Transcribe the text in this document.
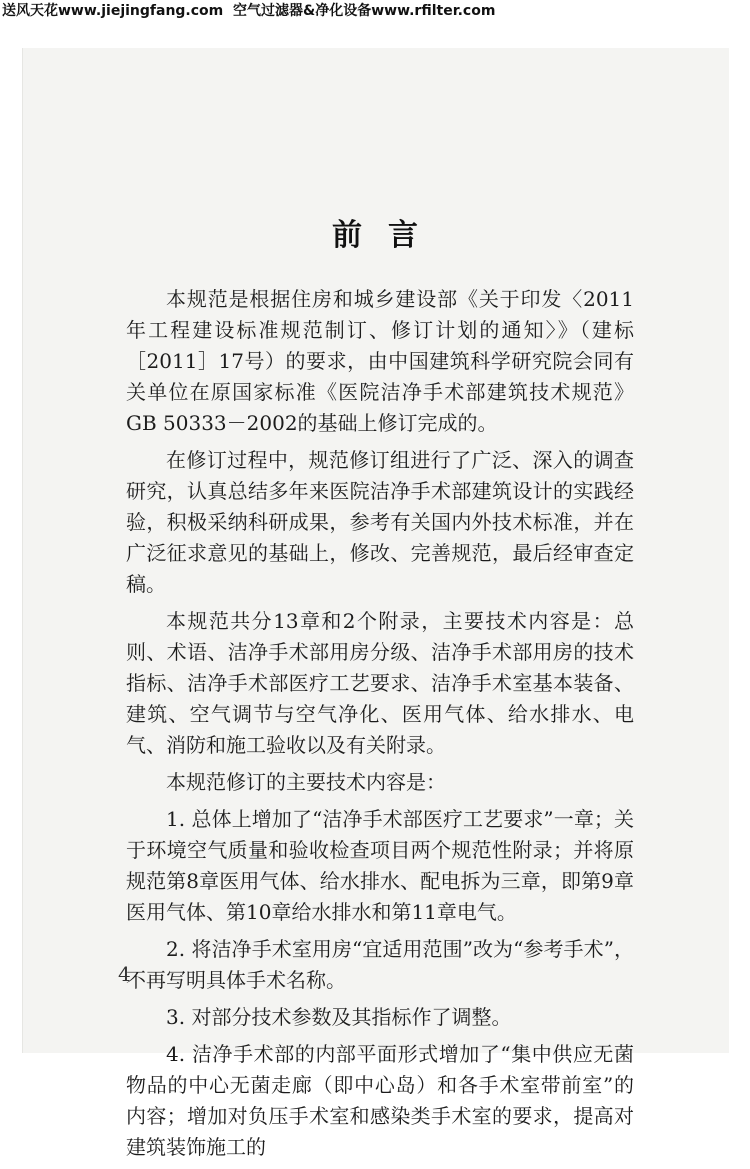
送风天花www.jiejingfang.com 空气过滤器&净化设备www.rfilter.com
前言

本规范是根据住房和城乡建设部《关于印发〈2011年工程建设标准规范制订、修订计划的通知〉》（建标［2011］17号）的要求，由中国建筑科学研究院会同有关单位在原国家标准《医院洁净手术部建筑技术规范》GB 50333－2002的基础上修订完成的。

在修订过程中，规范修订组进行了广泛、深入的调查研究，认真总结多年来医院洁净手术部建筑设计的实践经验，积极采纳科研成果，参考有关国内外技术标准，并在广泛征求意见的基础上，修改、完善规范，最后经审查定稿。

本规范共分13章和2个附录，主要技术内容是：总则、术语、洁净手术部用房分级、洁净手术部用房的技术指标、洁净手术部医疗工艺要求、洁净手术室基本装备、建筑、空气调节与空气净化、医用气体、给水排水、电气、消防和施工验收以及有关附录。

本规范修订的主要技术内容是：

1. 总体上增加了“洁净手术部医疗工艺要求”一章；关于环境空气质量和验收检查项目两个规范性附录；并将原规范第8章医用气体、给水排水、配电拆为三章，即第9章医用气体、第10章给水排水和第11章电气。

2. 将洁净手术室用房“宜适用范围”改为“参考手术”，不再写明具体手术名称。

3. 对部分技术参数及其指标作了调整。

4. 洁净手术部的内部平面形式增加了“集中供应无菌物品的中心无菌走廊（即中心岛）和各手术室带前室”的内容；增加对负压手术室和感染类手术室的要求，提高对建筑装饰施工的

4
